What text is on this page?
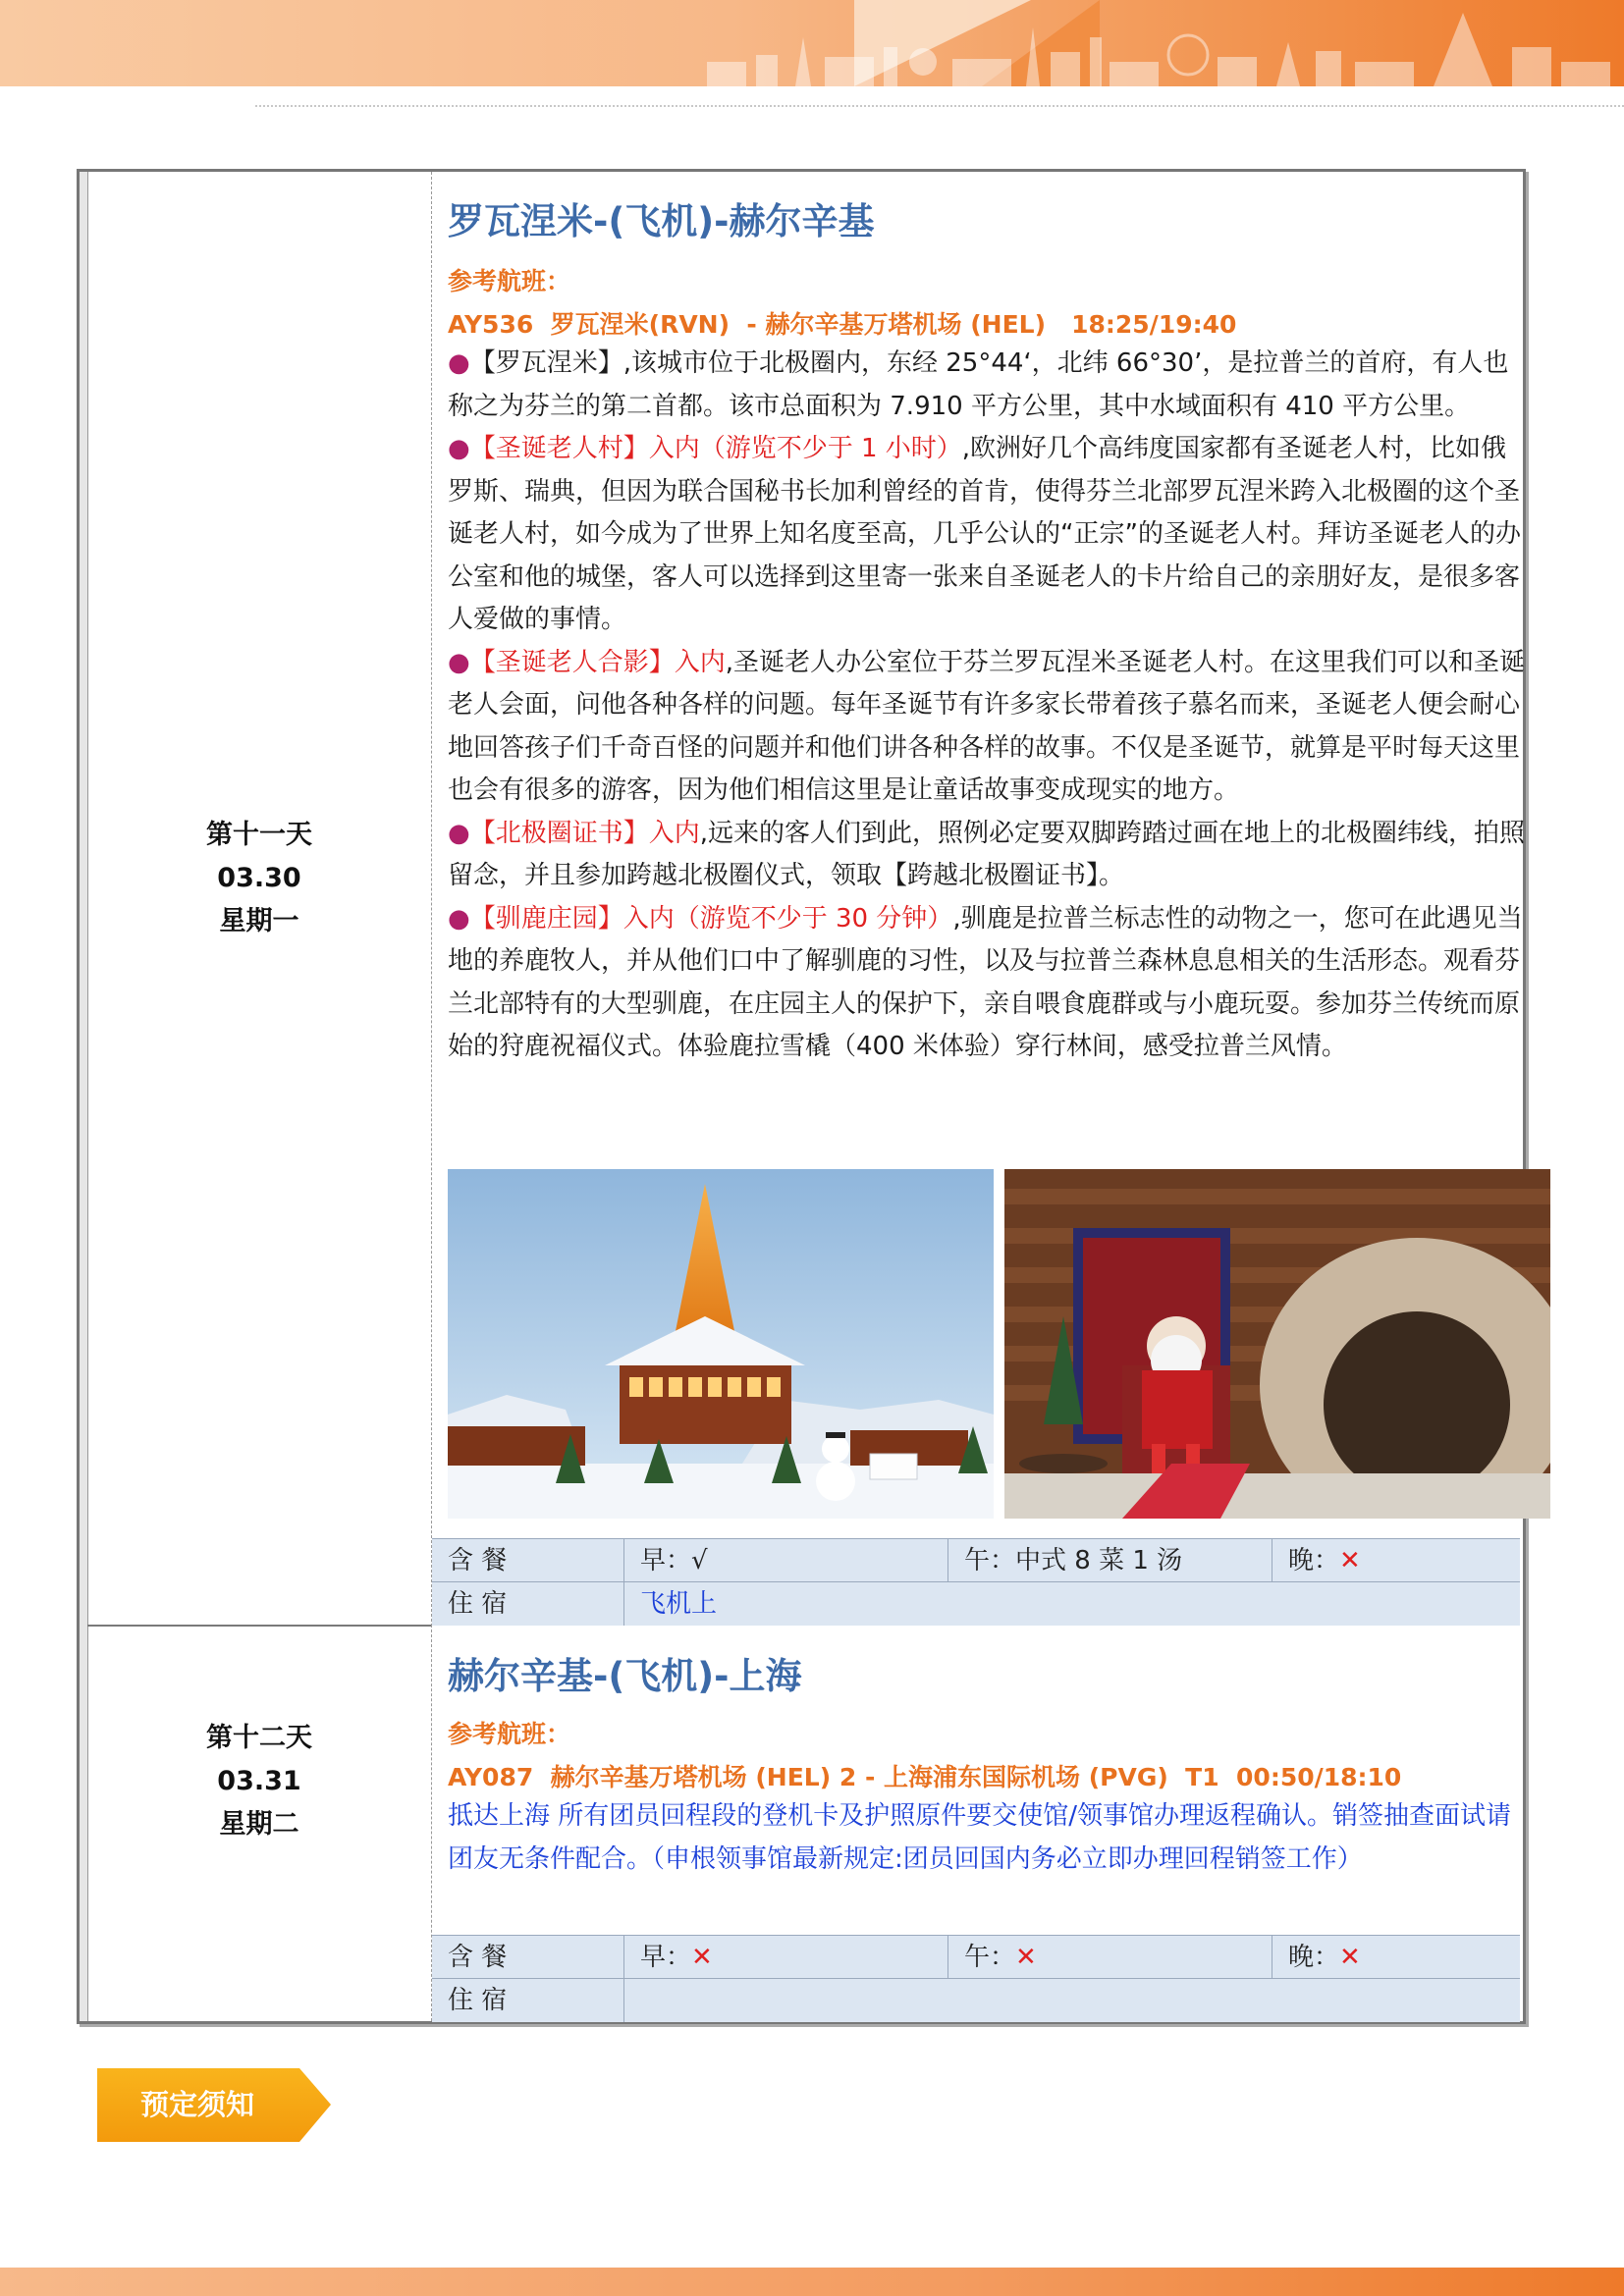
第十一天
03.30
星期一
罗瓦涅米-(飞机)-赫尔辛基
参考航班：
AY536  罗瓦涅米(RVN)  - 赫尔辛基万塔机场 (HEL)   18:25/19:40

●【罗瓦涅米】,该城市位于北极圈内，东经 25°44‘，北纬 66°30’，是拉普兰的首府，有人也称之为芬兰的第二首都。该市总面积为 7.910 平方公里，其中水域面积有 410 平方公里。

●【圣诞老人村】入内（游览不少于 1 小时）,欧洲好几个高纬度国家都有圣诞老人村，比如俄罗斯、瑞典，但因为联合国秘书长加利曾经的首肯，使得芬兰北部罗瓦涅米跨入北极圈的这个圣诞老人村，如今成为了世界上知名度至高，几乎公认的“正宗”的圣诞老人村。拜访圣诞老人的办公室和他的城堡，客人可以选择到这里寄一张来自圣诞老人的卡片给自己的亲朋好友，是很多客人爱做的事情。

●【圣诞老人合影】入内,圣诞老人办公室位于芬兰罗瓦涅米圣诞老人村。在这里我们可以和圣诞老人会面，问他各种各样的问题。每年圣诞节有许多家长带着孩子慕名而来，圣诞老人便会耐心地回答孩子们千奇百怪的问题并和他们讲各种各样的故事。不仅是圣诞节，就算是平时每天这里也会有很多的游客，因为他们相信这里是让童话故事变成现实的地方。

●【北极圈证书】入内,远来的客人们到此，照例必定要双脚跨踏过画在地上的北极圈纬线，拍照留念，并且参加跨越北极圈仪式，领取【跨越北极圈证书】。

●【驯鹿庄园】入内（游览不少于 30 分钟）,驯鹿是拉普兰标志性的动物之一，您可在此遇见当地的养鹿牧人，并从他们口中了解驯鹿的习性，以及与拉普兰森林息息相关的生活形态。观看芬兰北部特有的大型驯鹿，在庄园主人的保护下，亲自喂食鹿群或与小鹿玩耍。参加芬兰传统而原始的狩鹿祝福仪式。体验鹿拉雪橇（400 米体验）穿行林间，感受拉普兰风情。

含 餐	早：√	午：中式 8 菜 1 汤	晚：✕
住 宿	飞机上
第十二天
03.31
星期二
赫尔辛基-(飞机)-上海
参考航班：
AY087  赫尔辛基万塔机场 (HEL) 2 - 上海浦东国际机场 (PVG)  T1  00:50/18:10
抵达上海 所有团员回程段的登机卡及护照原件要交使馆/领事馆办理返程确认。销签抽查面试请团友无条件配合。（申根领事馆最新规定:团员回国内务必立即办理回程销签工作）
含 餐	早：✕	午：✕	晚：✕
住 宿
预定须知
